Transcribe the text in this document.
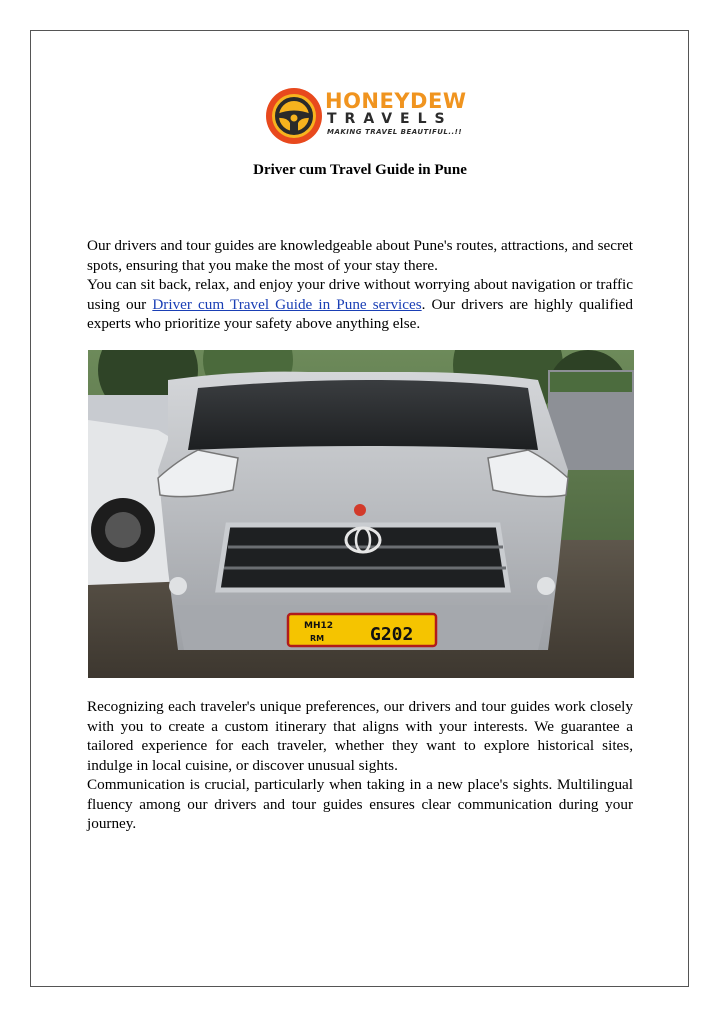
HONEYDEW
TRAVELS
MAKING TRAVEL BEAUTIFUL..!!
Driver cum Travel Guide in Pune

Our drivers and tour guides are knowledgeable about Pune's routes, attractions, and secret spots, ensuring that you make the most of your stay there.

You can sit back, relax, and enjoy your drive without worrying about navigation or traffic using our Driver cum Travel Guide in Pune services. Our drivers are highly qualified experts who prioritize your safety above anything else.

MH12
RM	G202

Recognizing each traveler's unique preferences, our drivers and tour guides work closely with you to create a custom itinerary that aligns with your interests. We guarantee a tailored experience for each traveler, whether they want to explore historical sites, indulge in local cuisine, or discover unusual sights.

Communication is crucial, particularly when taking in a new place's sights. Multilingual fluency among our drivers and tour guides ensures clear communication during your journey.
